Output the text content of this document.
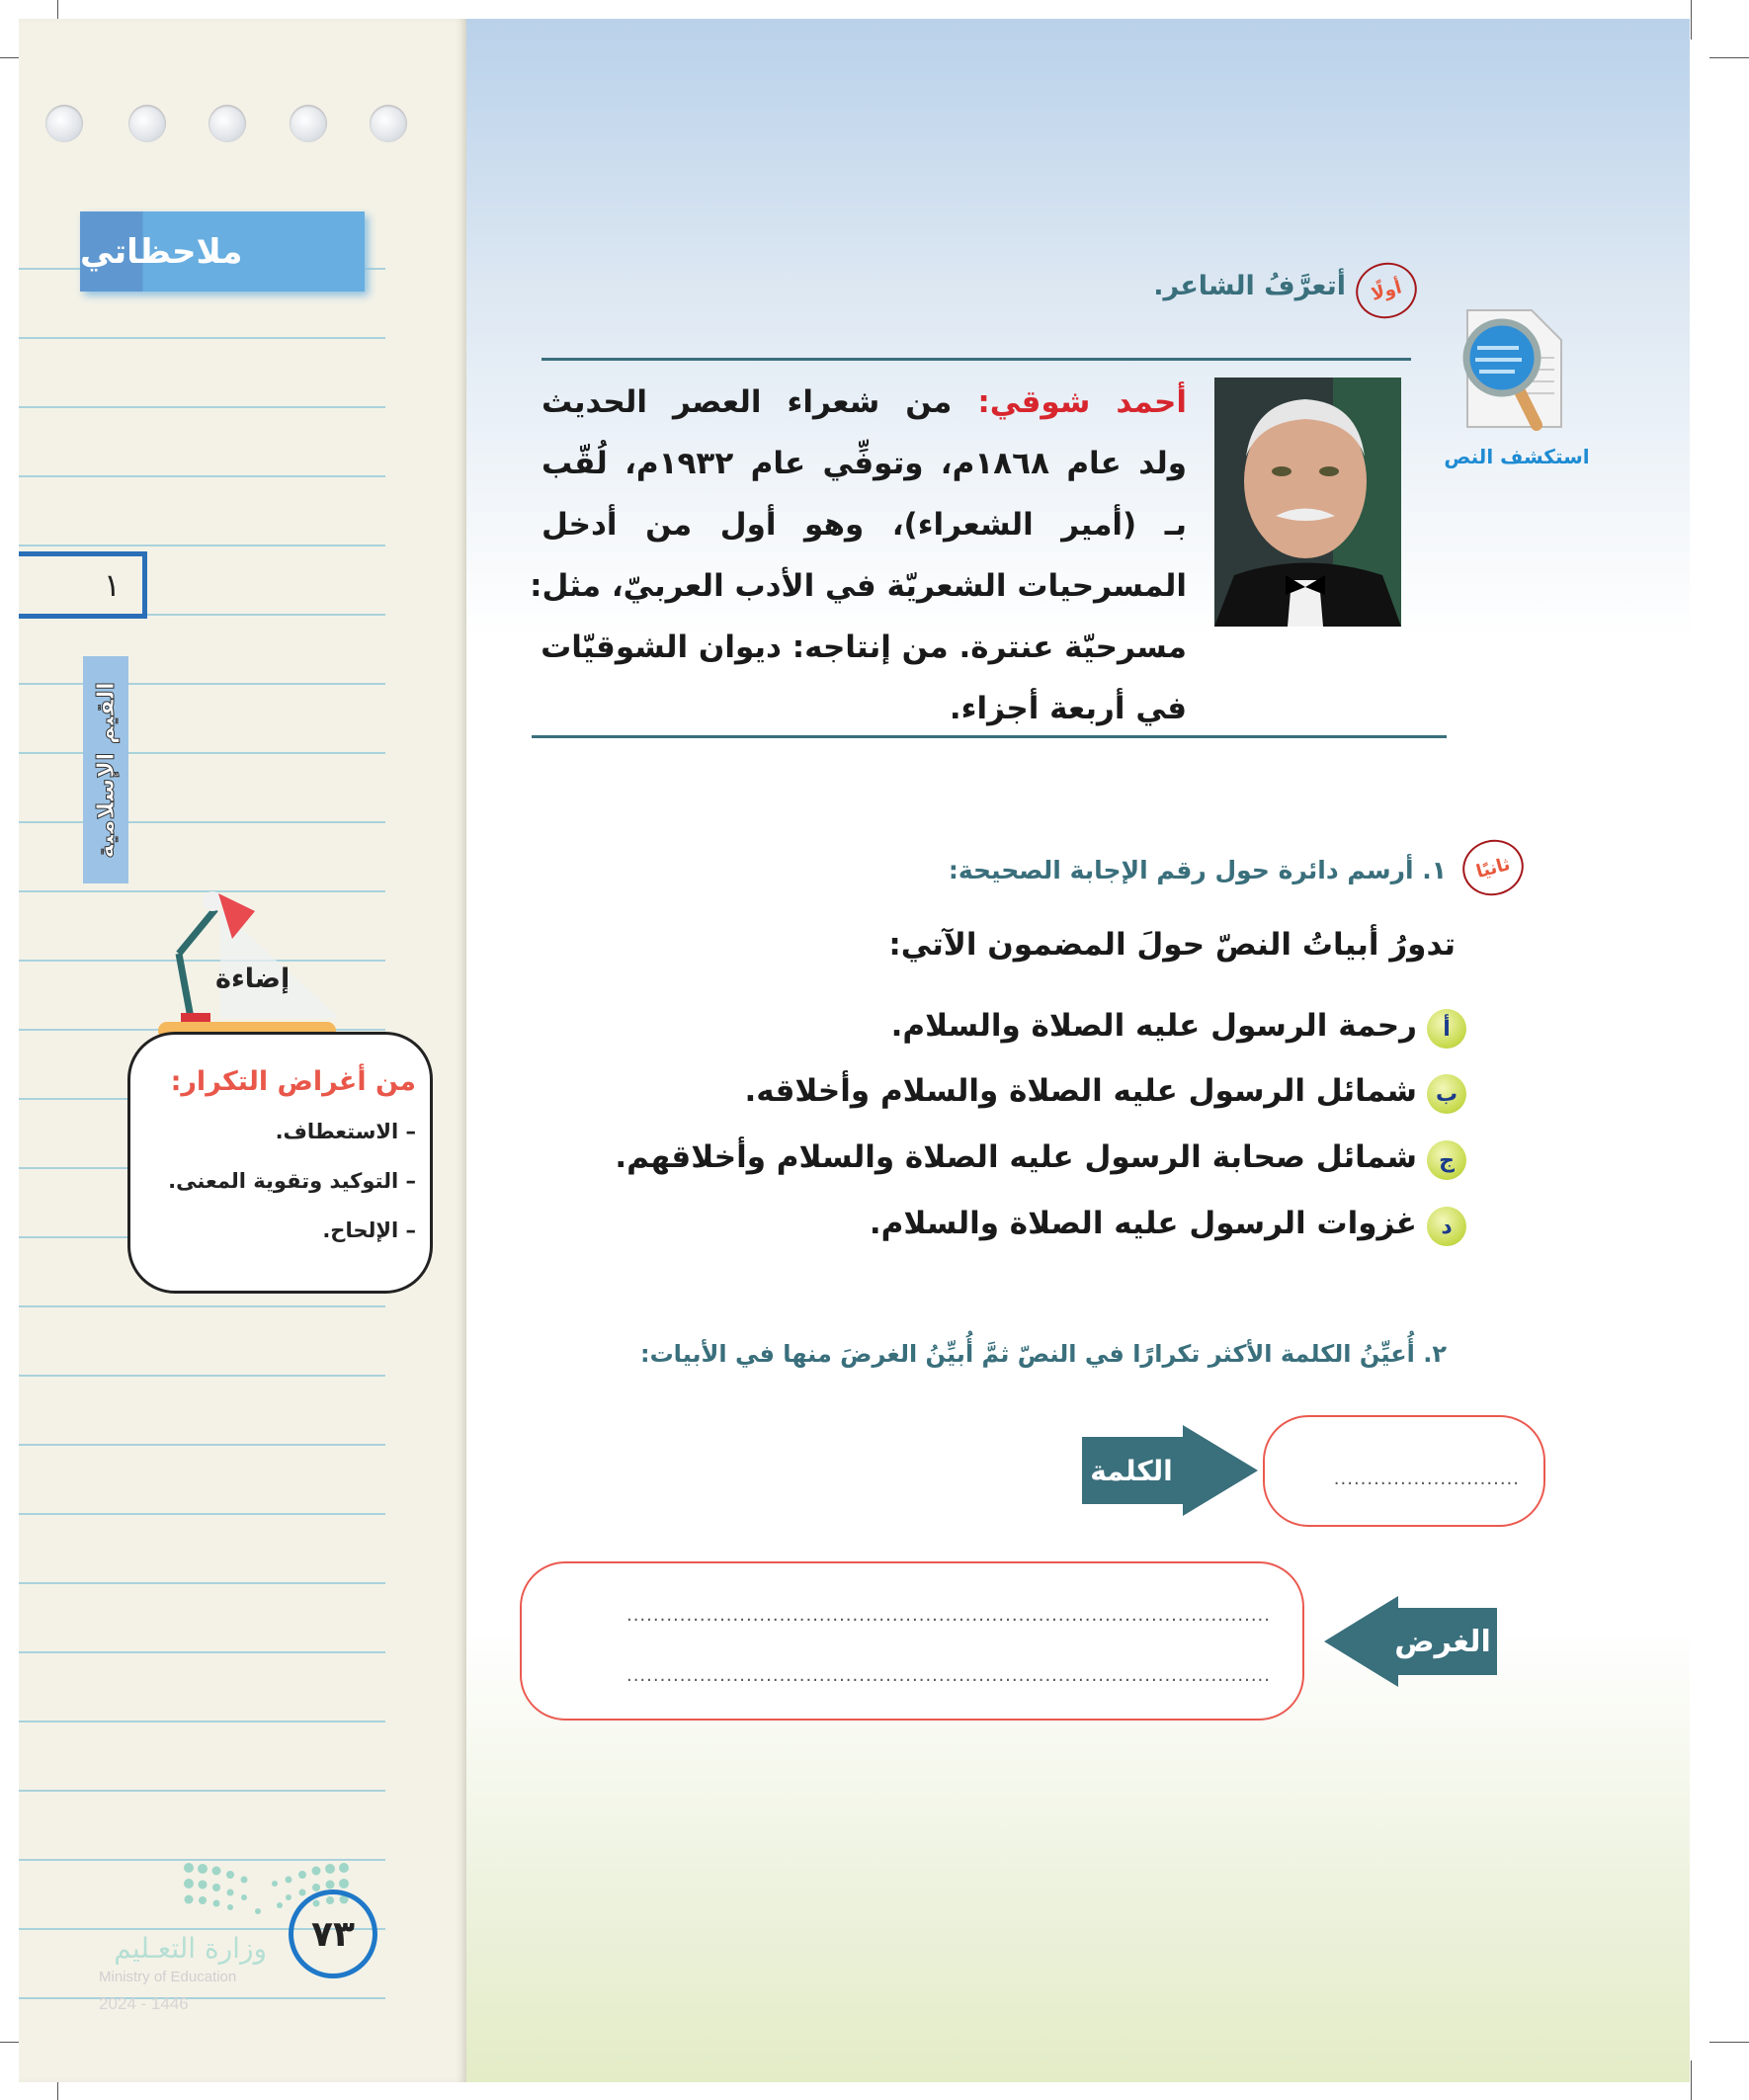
ملاحظاتي
١
القيم الإسلامية
إضاءة
من أغراض التكرار:
– الاستعطاف.
– التوكيد وتقوية المعنى.
– الإلحاح.
٧٣
وزارة التعـليم
Ministry of Education
2024 - 1446
أولًا
أتعرَّفُ الشاعر.
استكشف النص
أحمد شوقي: من شعراء العصر الحديث
ولد عام ١٨٦٨م، وتوفِّي عام ١٩٣٢م، لُقّب
بـ (أمير الشعراء)، وهو أول من أدخل
المسرحيات الشعريّة في الأدب العربيّ، مثل:
مسرحيّة عنترة. من إنتاجه: ديوان الشوقيّات
في أربعة أجزاء.
ثانيًا
١. أرسم دائرة حول رقم الإجابة الصحيحة:
تدورُ أبياتُ النصّ حولَ المضمون الآتي:
أ
رحمة الرسول عليه الصلاة والسلام.
ب
شمائل الرسول عليه الصلاة والسلام وأخلاقه.
ج
شمائل صحابة الرسول عليه الصلاة والسلام وأخلاقهم.
د
غزوات الرسول عليه الصلاة والسلام.
٢. أُعيِّنُ الكلمة الأكثر تكرارًا في النصّ ثمَّ أُبيِّنُ الغرضَ منها في الأبيات:
الكلمة	............................
.................................................................................................
.................................................................................................
الغرض
